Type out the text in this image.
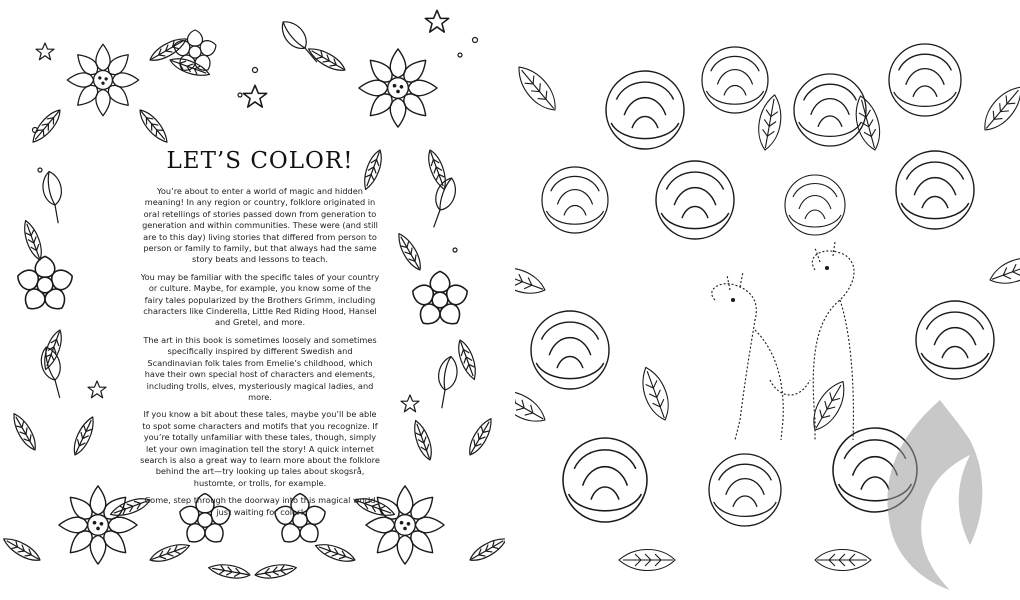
LET’S COLOR!

You’re about to enter a world of magic and hidden meaning! In any region or country, folklore originated in oral retellings of stories passed down from generation to generation and within communities. These were (and still are to this day) living stories that differed from person to person or family to family, but that always had the same story beats and lessons to teach.

You may be familiar with the specific tales of your country or culture. Maybe, for example, you know some of the fairy tales popularized by the Brothers Grimm, including characters like Cinderella, Little Red Riding Hood, Hansel and Gretel, and more.

The art in this book is sometimes loosely and sometimes specifically inspired by different Swedish and Scandinavian folk tales from Emelie’s childhood, which have their own special host of characters and elements, including trolls, elves, mysteriously magical ladies, and more.

If you know a bit about these tales, maybe you’ll be able to spot some characters and motifs that you recognize. If you’re totally unfamiliar with these tales, though, simply let your own imagination tell the story! A quick internet search is also a great way to learn more about the folklore behind the art—try looking up tales about skogsrå, hustomte, or trolls, for example.

Come, step through the doorway into this magical world just waiting for color!
